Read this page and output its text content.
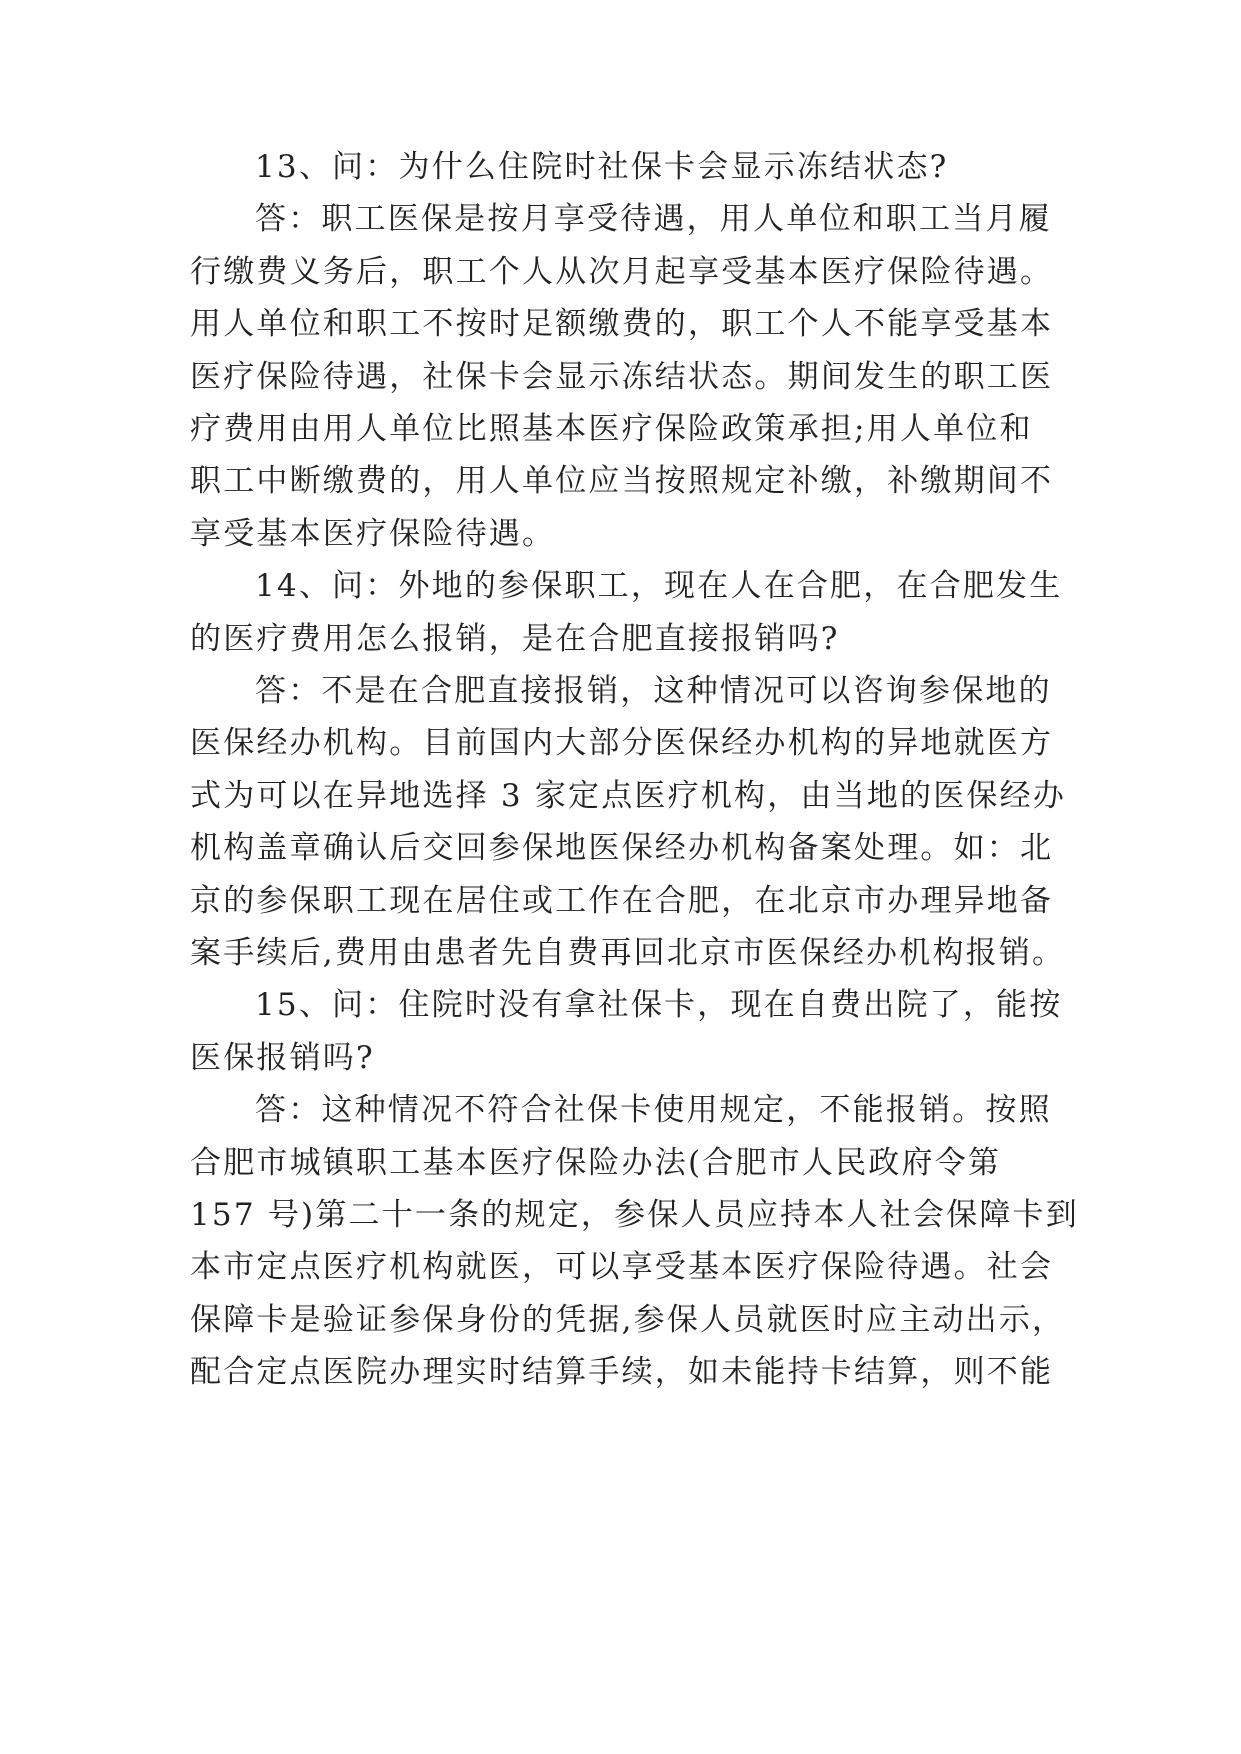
13、问：为什么住院时社保卡会显示冻结状态?
答：职工医保是按月享受待遇，用人单位和职工当月履
行缴费义务后，职工个人从次月起享受基本医疗保险待遇。
用人单位和职工不按时足额缴费的，职工个人不能享受基本
医疗保险待遇，社保卡会显示冻结状态。期间发生的职工医
疗费用由用人单位比照基本医疗保险政策承担;用人单位和
职工中断缴费的，用人单位应当按照规定补缴，补缴期间不
享受基本医疗保险待遇。
14、问：外地的参保职工，现在人在合肥，在合肥发生
的医疗费用怎么报销，是在合肥直接报销吗?
答：不是在合肥直接报销，这种情况可以咨询参保地的
医保经办机构。目前国内大部分医保经办机构的异地就医方
式为可以在异地选择 3 家定点医疗机构，由当地的医保经办
机构盖章确认后交回参保地医保经办机构备案处理。如：北
京的参保职工现在居住或工作在合肥，在北京市办理异地备
案手续后,费用由患者先自费再回北京市医保经办机构报销。
15、问：住院时没有拿社保卡，现在自费出院了，能按
医保报销吗?
答：这种情况不符合社保卡使用规定，不能报销。按照
合肥市城镇职工基本医疗保险办法(合肥市人民政府令第
157 号)第二十一条的规定，参保人员应持本人社会保障卡到
本市定点医疗机构就医，可以享受基本医疗保险待遇。社会
保障卡是验证参保身份的凭据,参保人员就医时应主动出示，
配合定点医院办理实时结算手续，如未能持卡结算，则不能
